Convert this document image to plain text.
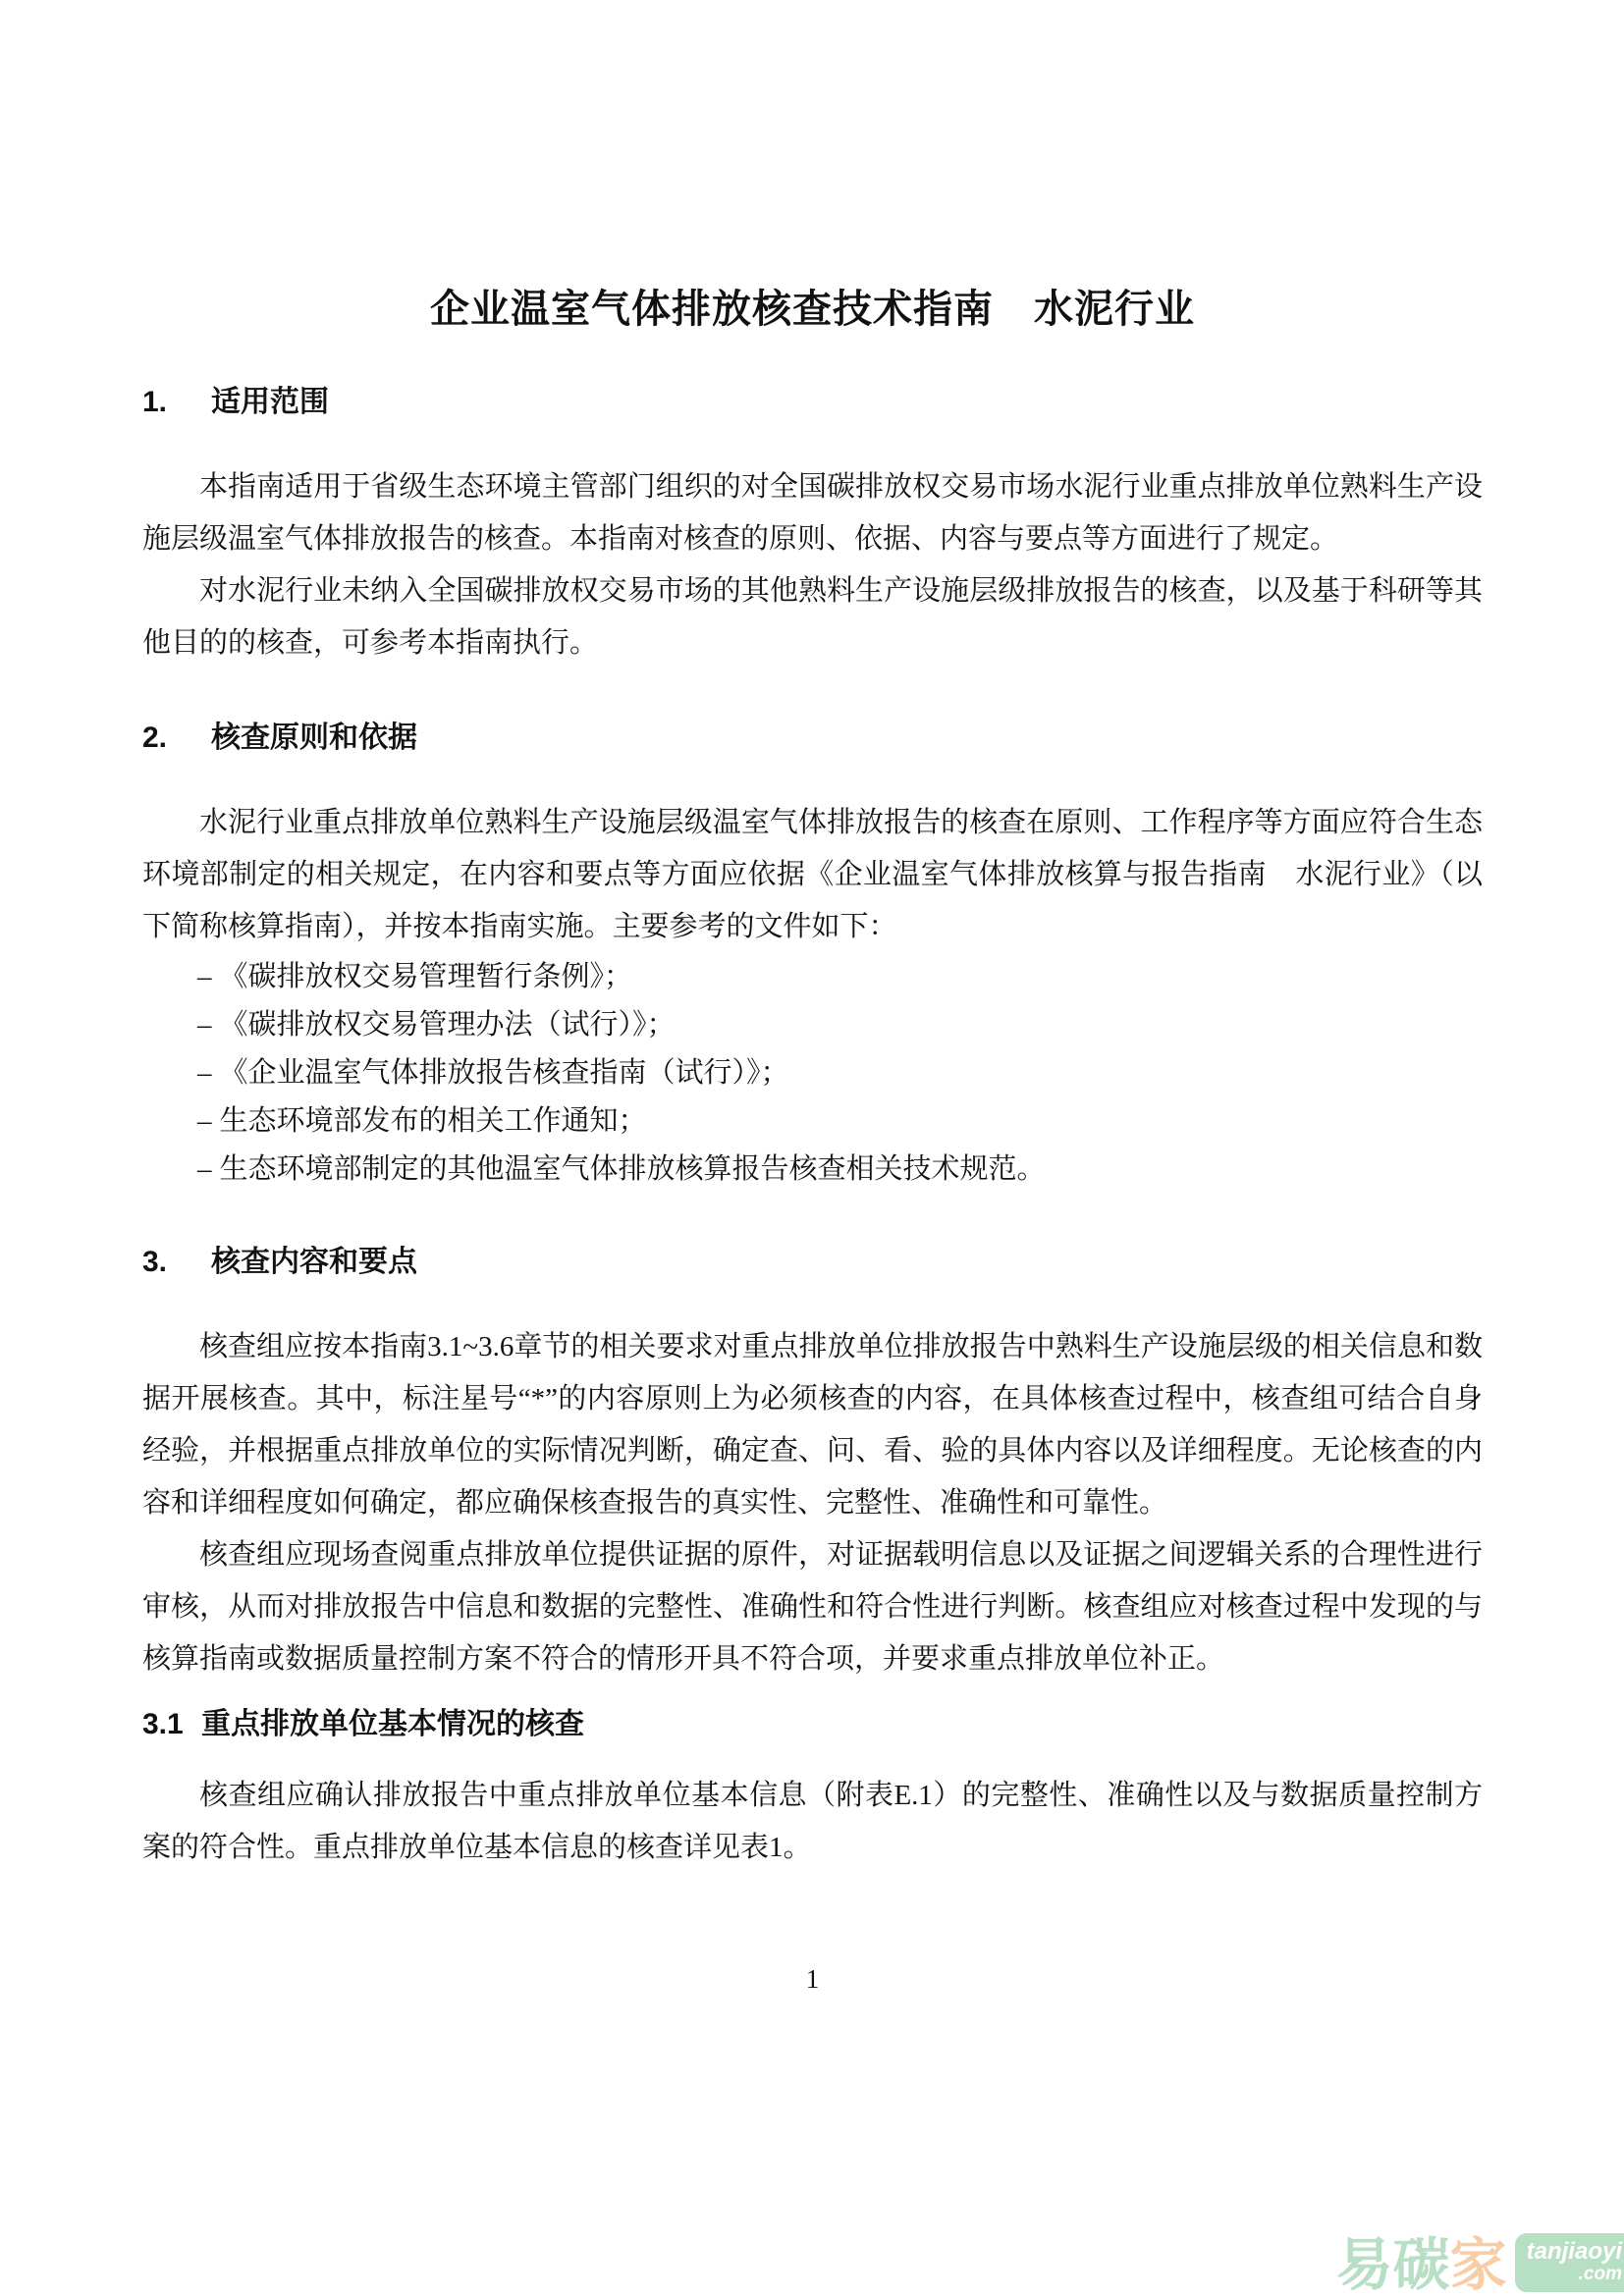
企业温室气体排放核查技术指南　水泥行业
1. 适用范围

本指南适用于省级生态环境主管部门组织的对全国碳排放权交易市场水泥行业重点排放单位熟料生产设施层级温室气体排放报告的核查。本指南对核查的原则、依据、内容与要点等方面进行了规定。

对水泥行业未纳入全国碳排放权交易市场的其他熟料生产设施层级排放报告的核查，以及基于科研等其他目的的核查，可参考本指南执行。

2. 核查原则和依据

水泥行业重点排放单位熟料生产设施层级温室气体排放报告的核查在原则、工作程序等方面应符合生态环境部制定的相关规定，在内容和要点等方面应依据《企业温室气体排放核算与报告指南　水泥行业》（以下简称核算指南），并按本指南实施。主要参考的文件如下：

– 《碳排放权交易管理暂行条例》；
– 《碳排放权交易管理办法（试行）》；
– 《企业温室气体排放报告核查指南（试行）》；
– 生态环境部发布的相关工作通知；
– 生态环境部制定的其他温室气体排放核算报告核查相关技术规范。
3. 核查内容和要点

核查组应按本指南3.1~3.6章节的相关要求对重点排放单位排放报告中熟料生产设施层级的相关信息和数据开展核查。其中，标注星号“*”的内容原则上为必须核查的内容，在具体核查过程中，核查组可结合自身经验，并根据重点排放单位的实际情况判断，确定查、问、看、验的具体内容以及详细程度。无论核查的内容和详细程度如何确定，都应确保核查报告的真实性、完整性、准确性和可靠性。

核查组应现场查阅重点排放单位提供证据的原件，对证据载明信息以及证据之间逻辑关系的合理性进行审核，从而对排放报告中信息和数据的完整性、准确性和符合性进行判断。核查组应对核查过程中发现的与核算指南或数据质量控制方案不符合的情形开具不符合项，并要求重点排放单位补正。

3.1 重点排放单位基本情况的核查

核查组应确认排放报告中重点排放单位基本信息（附表E.1）的完整性、准确性以及与数据质量控制方案的符合性。重点排放单位基本信息的核查详见表1。

1
易 碳 家 tanjiaoyi
.com
